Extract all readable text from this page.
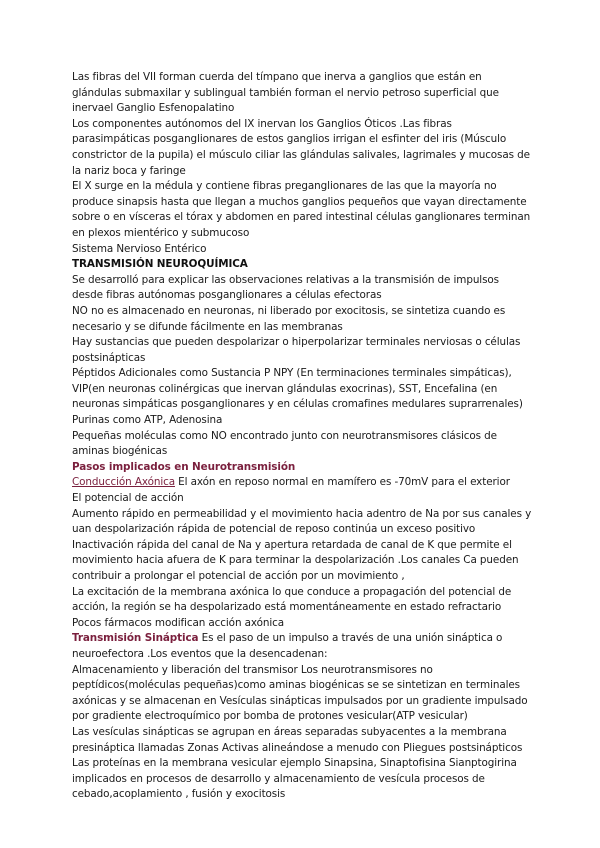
Las fibras del VII forman cuerda del tímpano que inerva a ganglios que están en glándulas submaxilar y sublingual también forman el nervio petroso superficial que inervael Ganglio Esfenopalatino

Los componentes autónomos del IX inervan los Ganglios Óticos .Las fibras parasimpáticas posganglionares de estos ganglios irrigan el esfinter del iris (Músculo constrictor de la pupila) el músculo ciliar las glándulas salivales, lagrimales y mucosas de la nariz boca y faringe

El X surge en la médula y contiene fibras preganglionares de las que la mayoría no produce sinapsis hasta que llegan a muchos ganglios pequeños que vayan directamente sobre o en vísceras el tórax y abdomen en pared intestinal células ganglionares terminan en plexos mientérico y submucoso

Sistema Nervioso Entérico

TRANSMISIÓN NEUROQUÍMICA

Se desarrolló para explicar las observaciones relativas a la transmisión de impulsos desde fibras autónomas posganglionares a células efectoras

NO no es almacenado en neuronas, ni liberado por exocitosis, se sintetiza cuando es necesario y se difunde fácilmente en las membranas

Hay sustancias que pueden despolarizar o hiperpolarizar terminales nerviosas o células postsinápticas

Péptidos Adicionales como Sustancia P NPY (En terminaciones terminales simpáticas), VIP(en neuronas colinérgicas que inervan glándulas exocrinas), SST, Encefalina (en neuronas simpáticas posganglionares y en células cromafines medulares suprarrenales)

Purinas como ATP, Adenosina

Pequeñas moléculas como NO encontrado junto con neurotransmisores clásicos de aminas biogénicas

Pasos implicados en Neurotransmisión

Conducción Axónica El axón en reposo normal en mamífero es -70mV para el exterior

El potencial de acción

Aumento rápido en permeabilidad y el movimiento hacia adentro de Na por sus canales y uan despolarización rápida de potencial de reposo continúa un exceso positivo

Inactivación rápida del canal de Na y apertura retardada de canal de K que permite el movimiento hacia afuera de K para terminar la despolarización .Los canales Ca pueden contribuir a prolongar el potencial de acción por un movimiento ,

La excitación de la membrana axónica lo que conduce a propagación del potencial de acción, la región se ha despolarizado está momentáneamente en estado refractario

Pocos fármacos modifican acción axónica

Transmisión Sináptica Es el paso de un impulso a través de una unión sináptica o neuroefectora .Los eventos que la desencadenan:

Almacenamiento y liberación del transmisor Los neurotransmisores no peptídicos(moléculas pequeñas)como aminas biogénicas se se sintetizan en terminales axónicas y se almacenan en Vesículas sinápticas impulsados por un gradiente impulsado por gradiente electroquímico por bomba de protones vesicular(ATP vesicular)

Las vesículas sinápticas se agrupan en áreas separadas subyacentes a la membrana presináptica llamadas Zonas Activas alineándose a menudo con Pliegues postsinápticos

Las proteínas en la membrana vesicular ejemplo Sinapsina, Sinaptofisina Sianptogirina implicados en procesos de desarrollo y almacenamiento de vesícula procesos de cebado,acoplamiento , fusión y exocitosis
